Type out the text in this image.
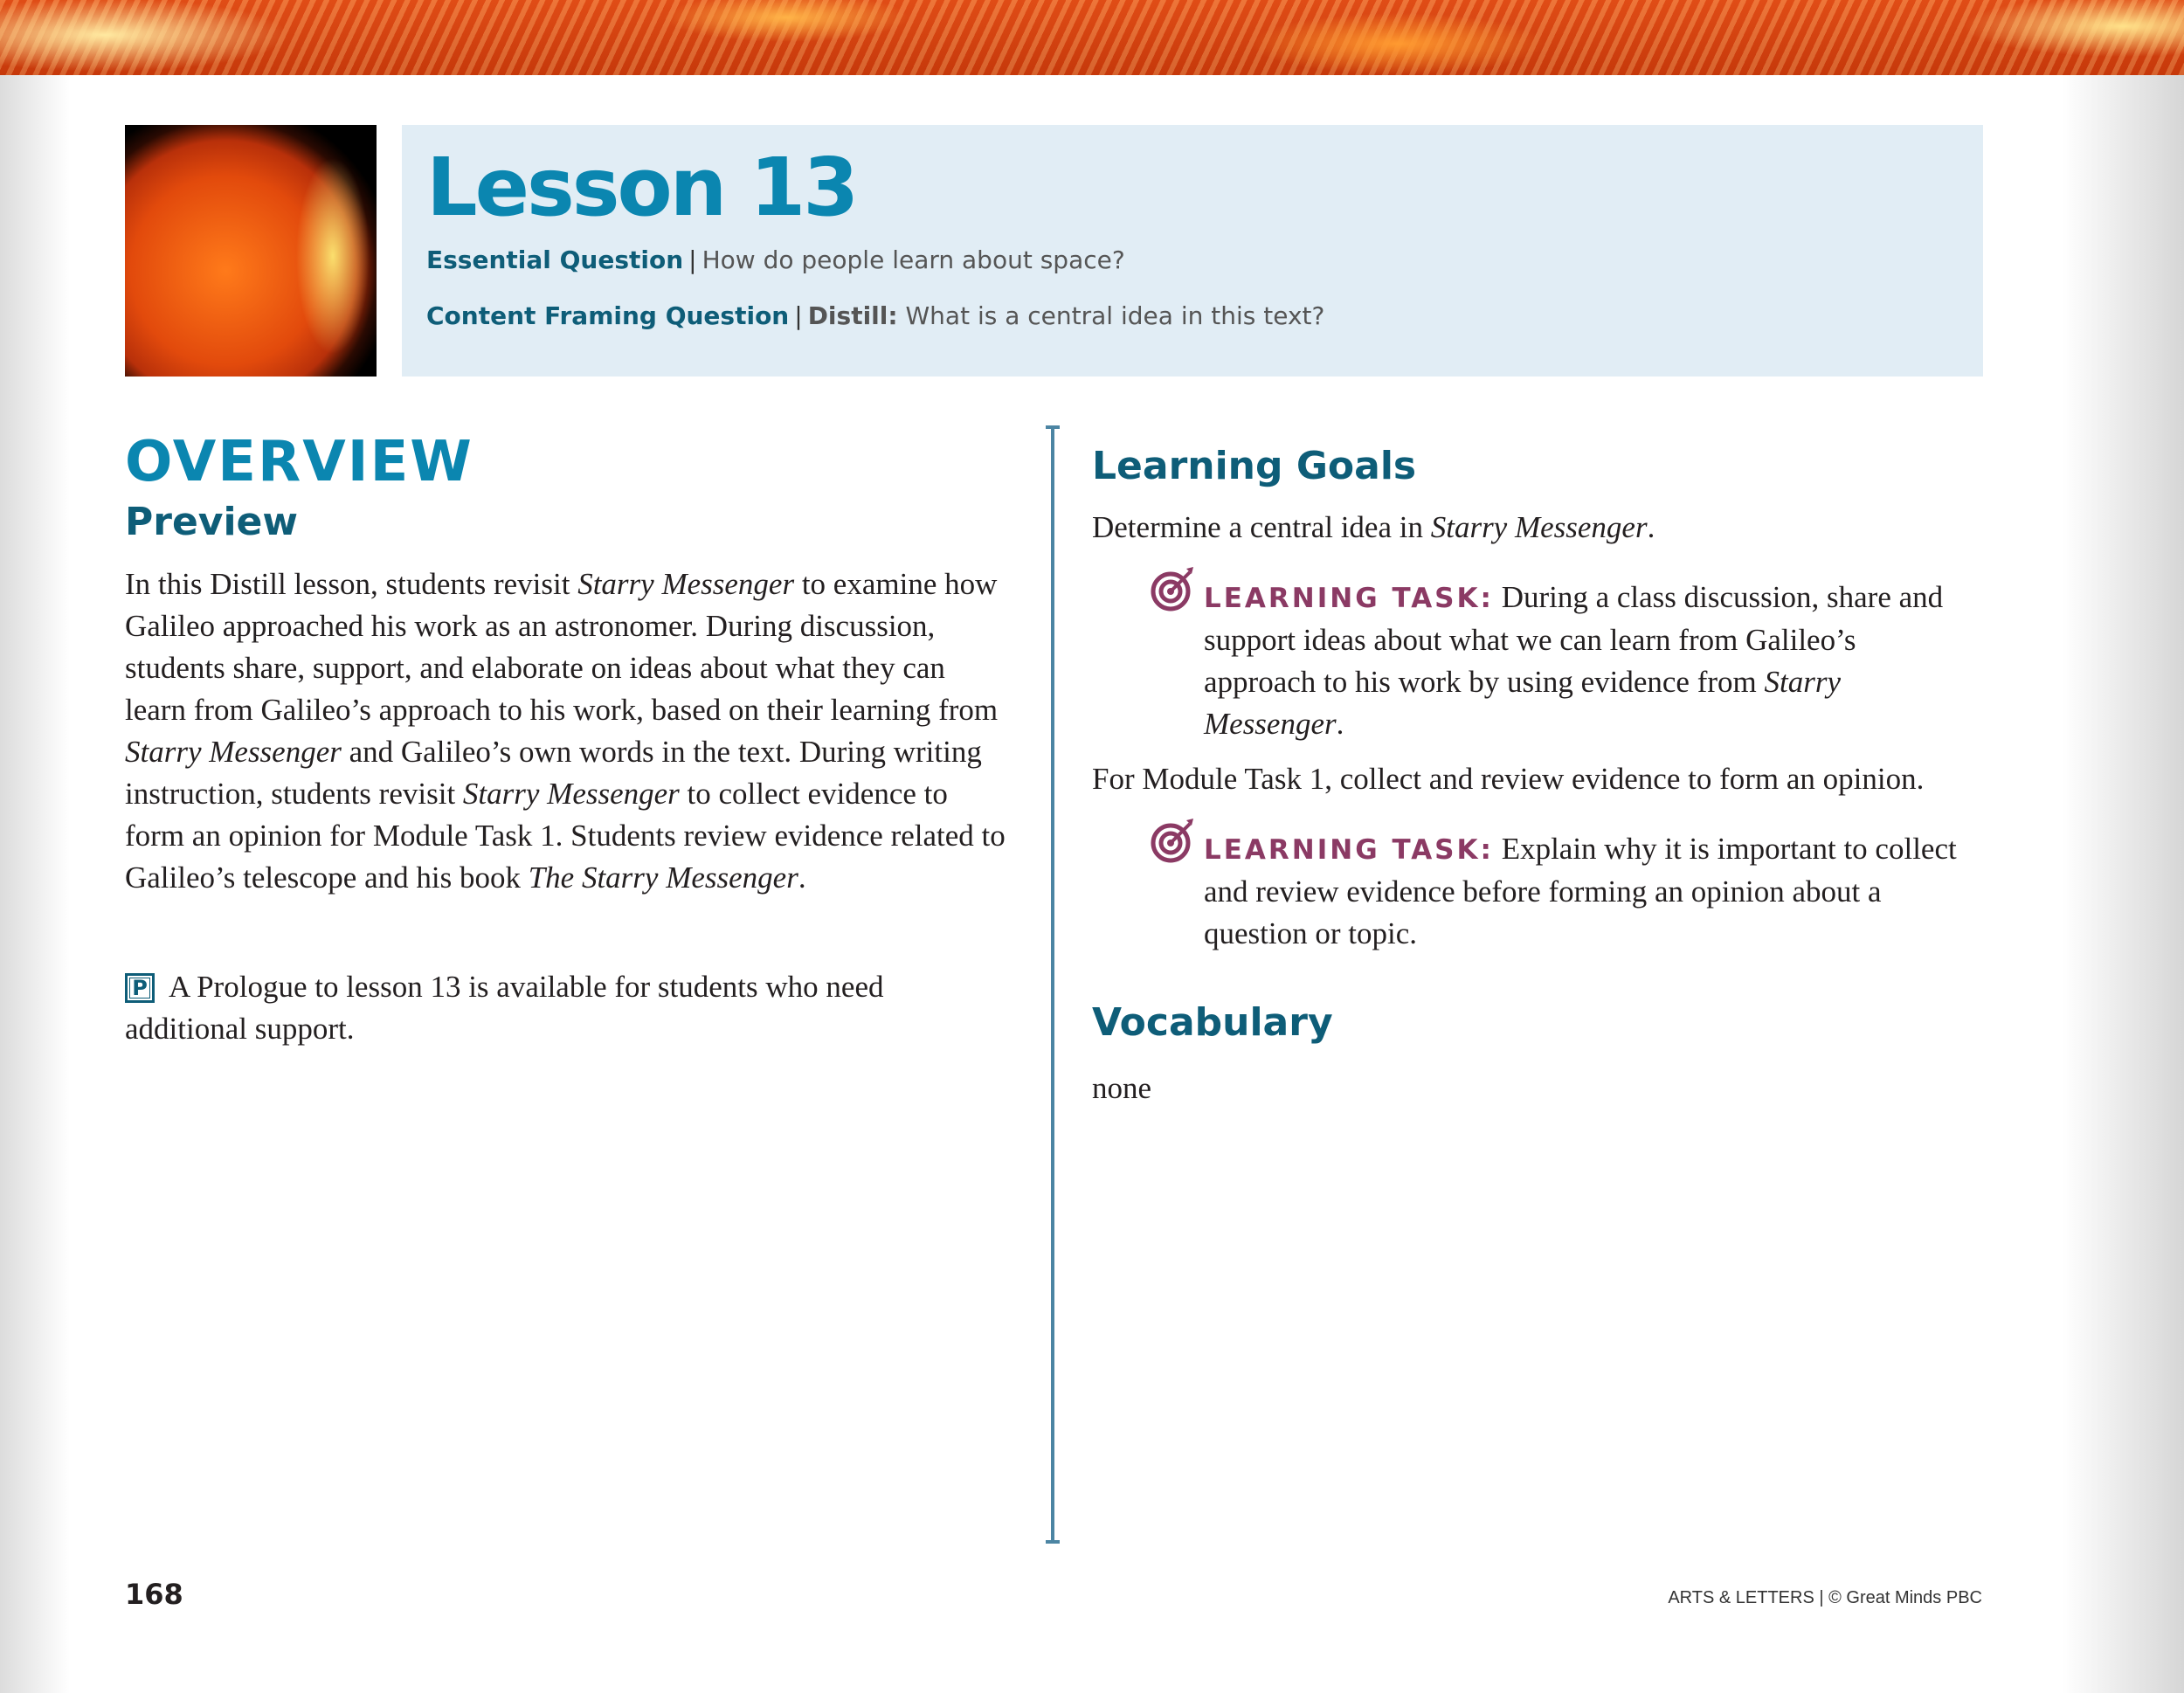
Lesson 13
Essential Question | How do people learn about space?
Content Framing Question | Distill: What is a central idea in this text?
OVERVIEW
Preview

In this Distill lesson, students revisit Starry Messenger to examine how Galileo approached his work as an astronomer. During discussion, students share, support, and elaborate on ideas about what they can learn from Galileo’s approach to his work, based on their learning from Starry Messenger and Galileo’s own words in the text. During writing instruction, students revisit Starry Messenger to collect evidence to form an opinion for Module Task 1. Students review evidence related to Galileo’s telescope and his book The Starry Messenger.

P A Prologue to lesson 13 is available for students who need additional support.

Learning Goals

Determine a central idea in Starry Messenger.

LEARNING TASK: During a class discussion, share and support ideas about what we can learn from Galileo’s approach to his work by using evidence from Starry Messenger.

For Module Task 1, collect and review evidence to form an opinion.

LEARNING TASK: Explain why it is important to collect and review evidence before forming an opinion about a question or topic.

Vocabulary

none

168	ARTS & LETTERS | © Great Minds PBC
